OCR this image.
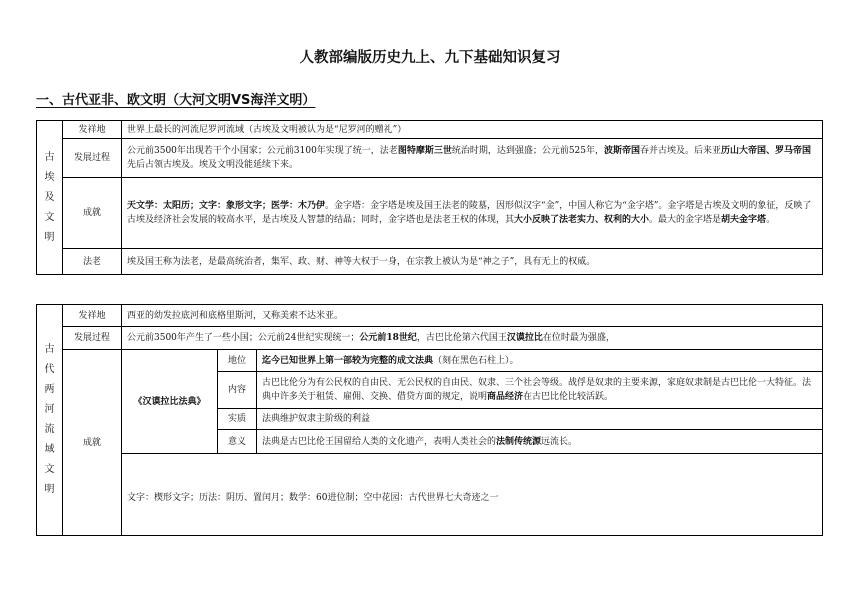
人教部编版历史九上、九下基础知识复习
一、古代亚非、欧文明（大河文明VS海洋文明）
古埃及文明	发祥地	世界上最长的河流尼罗河流域（古埃及文明被认为是“尼罗河的赠礼”）
	发展过程	公元前3500年出现若干个小国家；公元前3100年实现了统一，法老图特摩斯三世统治时期，达到强盛；公元前525年，波斯帝国吞并古埃及。后来亚历山大帝国、罗马帝国先后占领古埃及。埃及文明没能延续下来。
	成就	天文学：太阳历；文字：象形文字；医学：木乃伊。金字塔：金字塔是埃及国王法老的陵墓，因形似汉字“金”，中国人称它为“金字塔”。金字塔是古埃及文明的象征，反映了古埃及经济社会发展的较高水平，是古埃及人智慧的结晶；同时，金字塔也是法老王权的体现，其大小反映了法老实力、权利的大小。最大的金字塔是胡夫金字塔。
	法老	埃及国王称为法老，是最高统治者，集军、政、财、神等大权于一身，在宗教上被认为是“神之子”，具有无上的权威。
古代两河流域文明	发祥地	西亚的幼发拉底河和底格里斯河，又称美索不达米亚。		
	发展过程	公元前3500年产生了一些小国；公元前24世纪实现统一；公元前18世纪，古巴比伦第六代国王汉谟拉比在位时最为强盛，		
	成就	《汉谟拉比法典》	地位	迄今已知世界上第一部较为完整的成文法典（刻在黑色石柱上）。
			内容	古巴比伦分为有公民权的自由民、无公民权的自由民、奴隶、三个社会等级。战俘是奴隶的主要来源，家庭奴隶制是古巴比伦一大特征。法典中许多关于租赁、雇佣、交换、借贷方面的规定，说明商品经济在古巴比伦比较活跃。
			实质	法典维护奴隶主阶级的利益
			意义	法典是古巴比伦王国留给人类的文化遗产，表明人类社会的法制传统源远流长。

		文字：楔形文字；历法：阴历、置闰月；数学：60进位制；空中花园：古代世界七大奇迹之一		
